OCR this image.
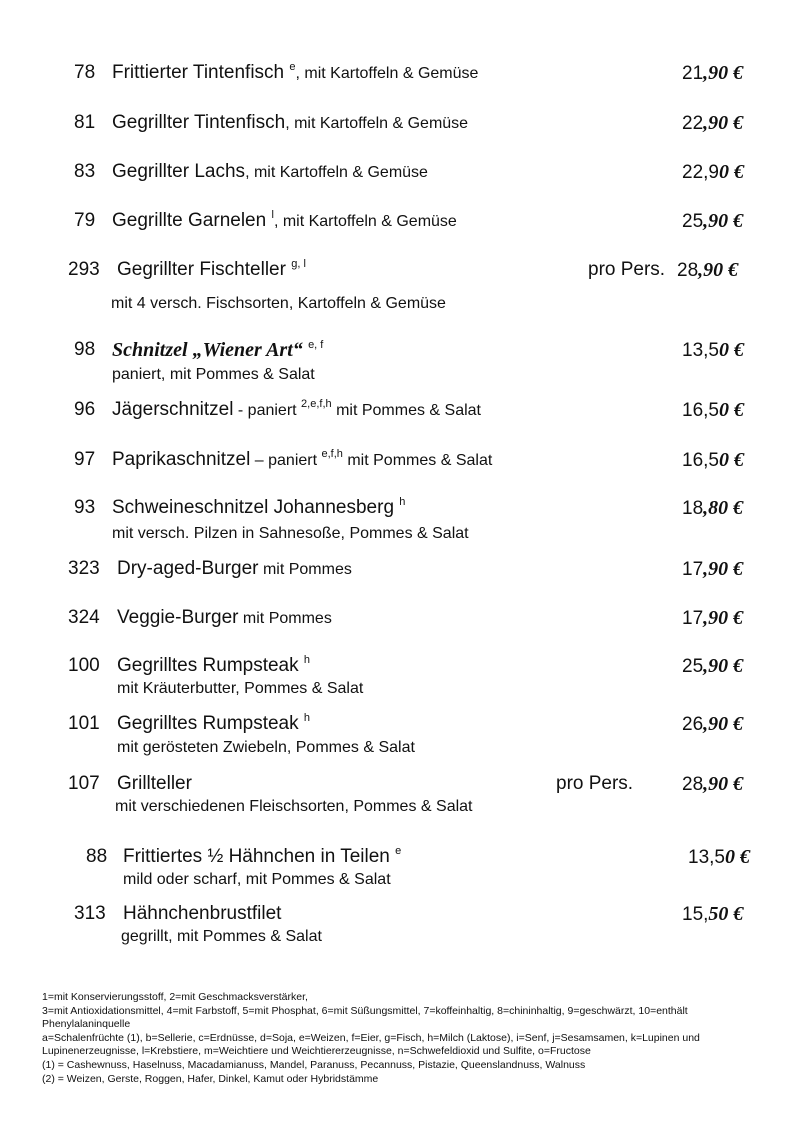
78 Frittierter Tintenfisch $^e$, mit Kartoffeln & Gemüse	21,90 €
81 Gegrillter Tintenfisch, mit Kartoffeln & Gemüse	22,90 €
83 Gegrillter Lachs, mit Kartoffeln & Gemüse	22,90 €
79 Gegrillte Garnelen $^l$, mit Kartoffeln & Gemüse	25,90 €
293 Gegrillter Fischteller $^{g, l}$	pro Pers. 28,90 €
mit 4 versch. Fischsorten, Kartoffeln & Gemüse
98 Schnitzel „Wiener Art“ $^{e, f}$	13,50 €
paniert, mit Pommes & Salat
96 Jägerschnitzel - paniert $^{2,e,f,h}$ mit Pommes & Salat	16,50 €
97 Paprikaschnitzel – paniert $^{e,f,h}$ mit Pommes & Salat	16,50 €
93 Schweineschnitzel Johannesberg $^h$	18,80 €
mit versch. Pilzen in Sahnesoße, Pommes & Salat
323 Dry-aged-Burger mit Pommes	17,90 €
324 Veggie-Burger mit Pommes	17,90 €
100 Gegrilltes Rumpsteak $^h$	25,90 €
mit Kräuterbutter, Pommes & Salat
101 Gegrilltes Rumpsteak $^h$	26,90 €
mit gerösteten Zwiebeln, Pommes & Salat
107 Grillteller	pro Pers.	28,90 €
mit verschiedenen Fleischsorten, Pommes & Salat
88 Frittiertes ½ Hähnchen in Teilen $^e$	13,50 €
mild oder scharf, mit Pommes & Salat
313 Hähnchenbrustfilet	15,50 €
gegrillt, mit Pommes & Salat
1=mit Konservierungsstoff, 2=mit Geschmacksverstärker,
3=mit Antioxidationsmittel, 4=mit Farbstoff, 5=mit Phosphat, 6=mit Süßungsmittel, 7=koffeinhaltig, 8=chininhaltig, 9=geschwärzt, 10=enthält Phenylalaninquelle
a=Schalenfrüchte (1), b=Sellerie, c=Erdnüsse, d=Soja, e=Weizen, f=Eier, g=Fisch, h=Milch (Laktose), i=Senf, j=Sesamsamen, k=Lupinen und Lupinenerzeugnisse, l=Krebstiere, m=Weichtiere und Weichtiererzeugnisse, n=Schwefeldioxid und Sulfite, o=Fructose
(1) = Cashewnuss, Haselnuss, Macadamianuss, Mandel, Paranuss, Pecannuss, Pistazie, Queenslandnuss, Walnuss
(2) = Weizen, Gerste, Roggen, Hafer, Dinkel, Kamut oder Hybridstämme
